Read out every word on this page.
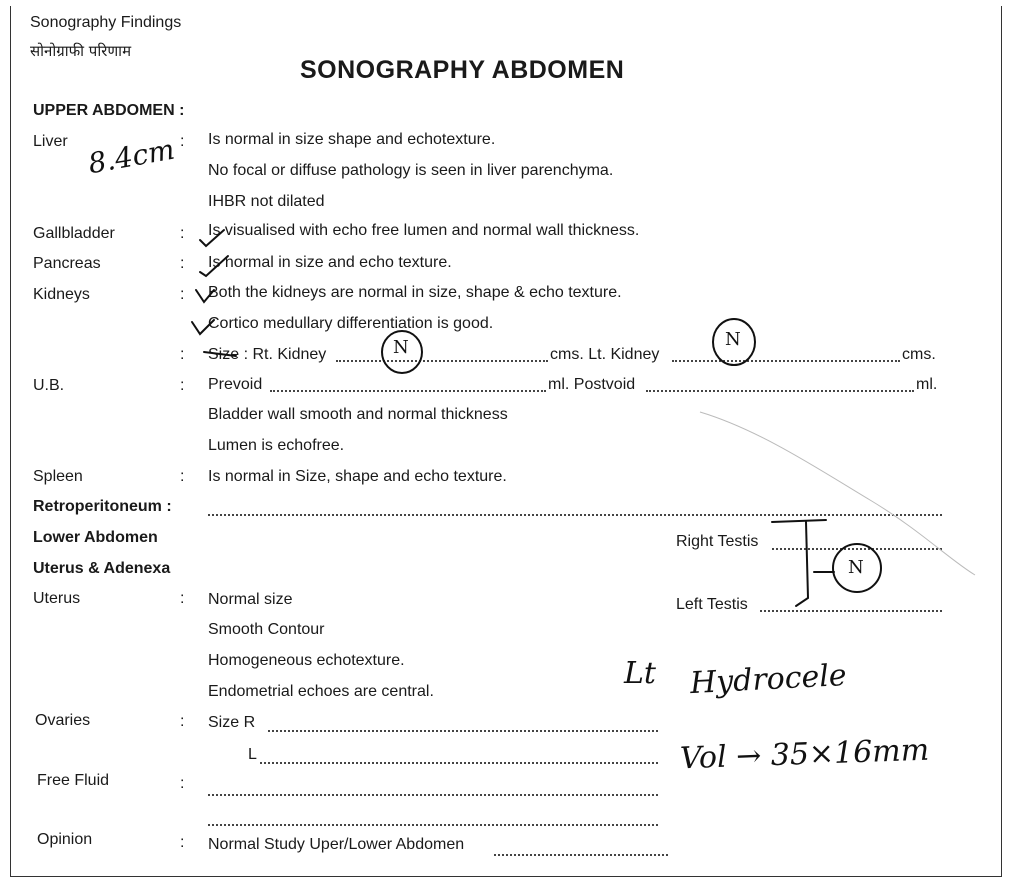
Sonography Findings
सोनोग्राफी परिणाम
SONOGRAPHY ABDOMEN
UPPER ABDOMEN :
Liver	: Is normal in size shape and echotexture.
No focal or diffuse pathology is seen in liver parenchyma.
IHBR not dilated
Gallbladder	: Is visualised with echo free lumen and normal wall thickness.
Pancreas	: Is normal in size and echo texture.
Kidneys	: Both the kidneys are normal in size, shape & echo texture.
Cortico medullary differentiation is good.
: Size : Rt. Kidney	cms. Lt. Kidney	cms.
U.B.	: Prevoid	ml. Postvoid	ml.
Bladder wall smooth and normal thickness
Lumen is echofree.
Spleen	: Is normal in Size, shape and echo texture.
Retroperitoneum :
Lower Abdomen
Uterus & Adenexa
Right Testis
Left Testis
Uterus	: Normal size
Smooth Contour
Homogeneous echotexture.
Endometrial echoes are central.
Ovaries	: Size R
L
Free Fluid	:
Opinion	: Normal Study Uper/Lower Abdomen
8.4cm
N	N
N
Lt Hydrocele
Vol → 35×16mm
